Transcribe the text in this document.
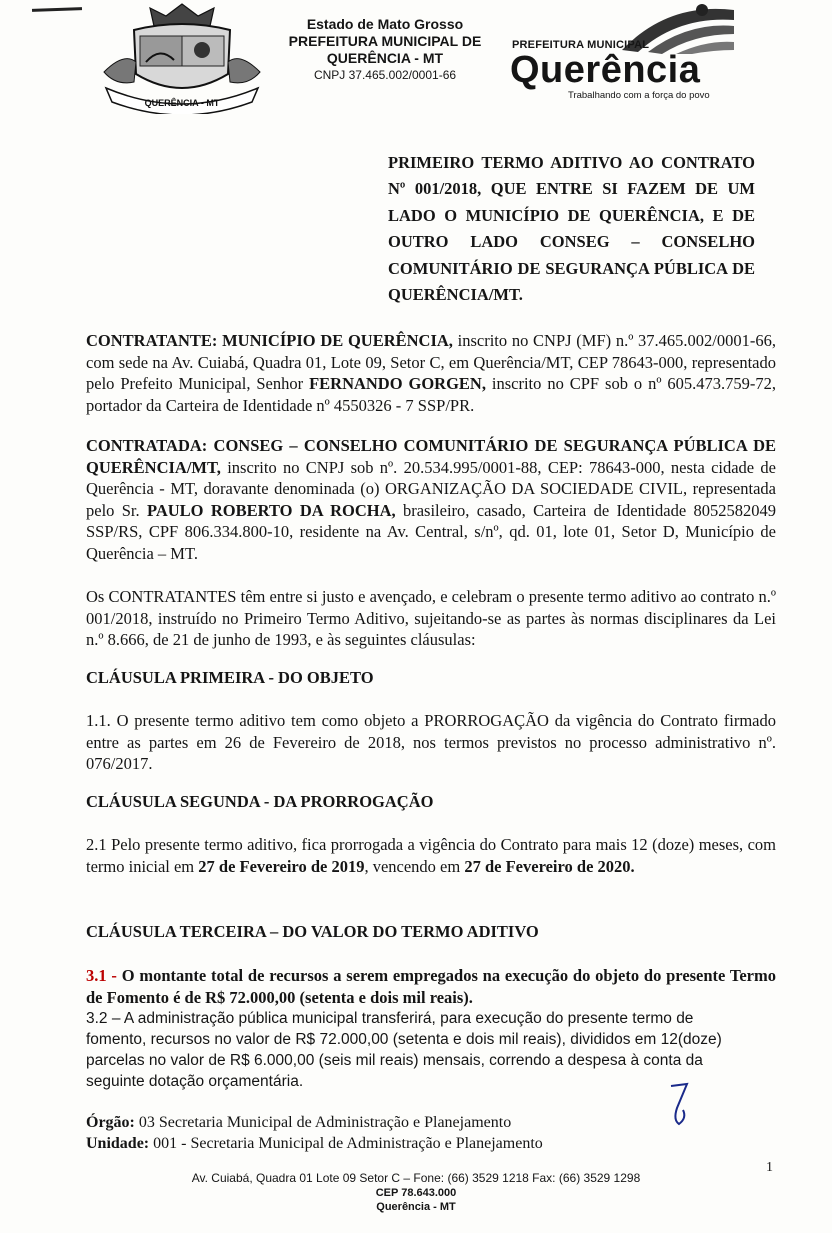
QUERÊNCIA - MT
Estado de Mato Grosso
PREFEITURA MUNICIPAL DE QUERÊNCIA - MT
CNPJ 37.465.002/0001-66
PREFEITURA MUNICIPAL
Querência
Trabalhando com a força do povo
PRIMEIRO TERMO ADITIVO AO CONTRATO Nº 001/2018, QUE ENTRE SI FAZEM DE UM LADO O MUNICÍPIO DE QUERÊNCIA, E DE OUTRO LADO CONSEG – CONSELHO COMUNITÁRIO DE SEGURANÇA PÚBLICA DE QUERÊNCIA/MT.
CONTRATANTE: MUNICÍPIO DE QUERÊNCIA, inscrito no CNPJ (MF) n.º 37.465.002/0001-66, com sede na Av. Cuiabá, Quadra 01, Lote 09, Setor C, em Querência/MT, CEP 78643-000, representado pelo Prefeito Municipal, Senhor FERNANDO GORGEN, inscrito no CPF sob o nº 605.473.759-72, portador da Carteira de Identidade nº 4550326 - 7 SSP/PR.
CONTRATADA: CONSEG – CONSELHO COMUNITÁRIO DE SEGURANÇA PÚBLICA DE QUERÊNCIA/MT, inscrito no CNPJ sob nº. 20.534.995/0001-88, CEP: 78643-000, nesta cidade de Querência - MT, doravante denominada (o) ORGANIZAÇÃO DA SOCIEDADE CIVIL, representada pelo Sr. PAULO ROBERTO DA ROCHA, brasileiro, casado, Carteira de Identidade 8052582049 SSP/RS, CPF 806.334.800-10, residente na Av. Central, s/nº, qd. 01, lote 01, Setor D, Município de Querência – MT.
Os CONTRATANTES têm entre si justo e avençado, e celebram o presente termo aditivo ao contrato n.º 001/2018, instruído no Primeiro Termo Aditivo, sujeitando-se as partes às normas disciplinares da Lei n.º 8.666, de 21 de junho de 1993, e às seguintes cláusulas:
CLÁUSULA PRIMEIRA - DO OBJETO
1.1. O presente termo aditivo tem como objeto a PRORROGAÇÃO da vigência do Contrato firmado entre as partes em 26 de Fevereiro de 2018, nos termos previstos no processo administrativo nº. 076/2017.
CLÁUSULA SEGUNDA - DA PRORROGAÇÃO
2.1 Pelo presente termo aditivo, fica prorrogada a vigência do Contrato para mais 12 (doze) meses, com termo inicial em 27 de Fevereiro de 2019, vencendo em 27 de Fevereiro de 2020.
CLÁUSULA TERCEIRA – DO VALOR DO TERMO ADITIVO
3.1 - O montante total de recursos a serem empregados na execução do objeto do presente Termo de Fomento é de R$ 72.000,00 (setenta e dois mil reais).
3.2 – A administração pública municipal transferirá, para execução do presente termo de fomento, recursos no valor de R$ 72.000,00 (setenta e dois mil reais), divididos em 12(doze) parcelas no valor de R$ 6.000,00 (seis mil reais) mensais, correndo a despesa à conta da seguinte dotação orçamentária.
Órgão: 03 Secretaria Municipal de Administração e Planejamento
Unidade: 001 - Secretaria Municipal de Administração e Planejamento
1
Av. Cuiabá, Quadra 01 Lote 09 Setor C – Fone: (66) 3529 1218 Fax: (66) 3529 1298
CEP 78.643.000
Querência - MT
